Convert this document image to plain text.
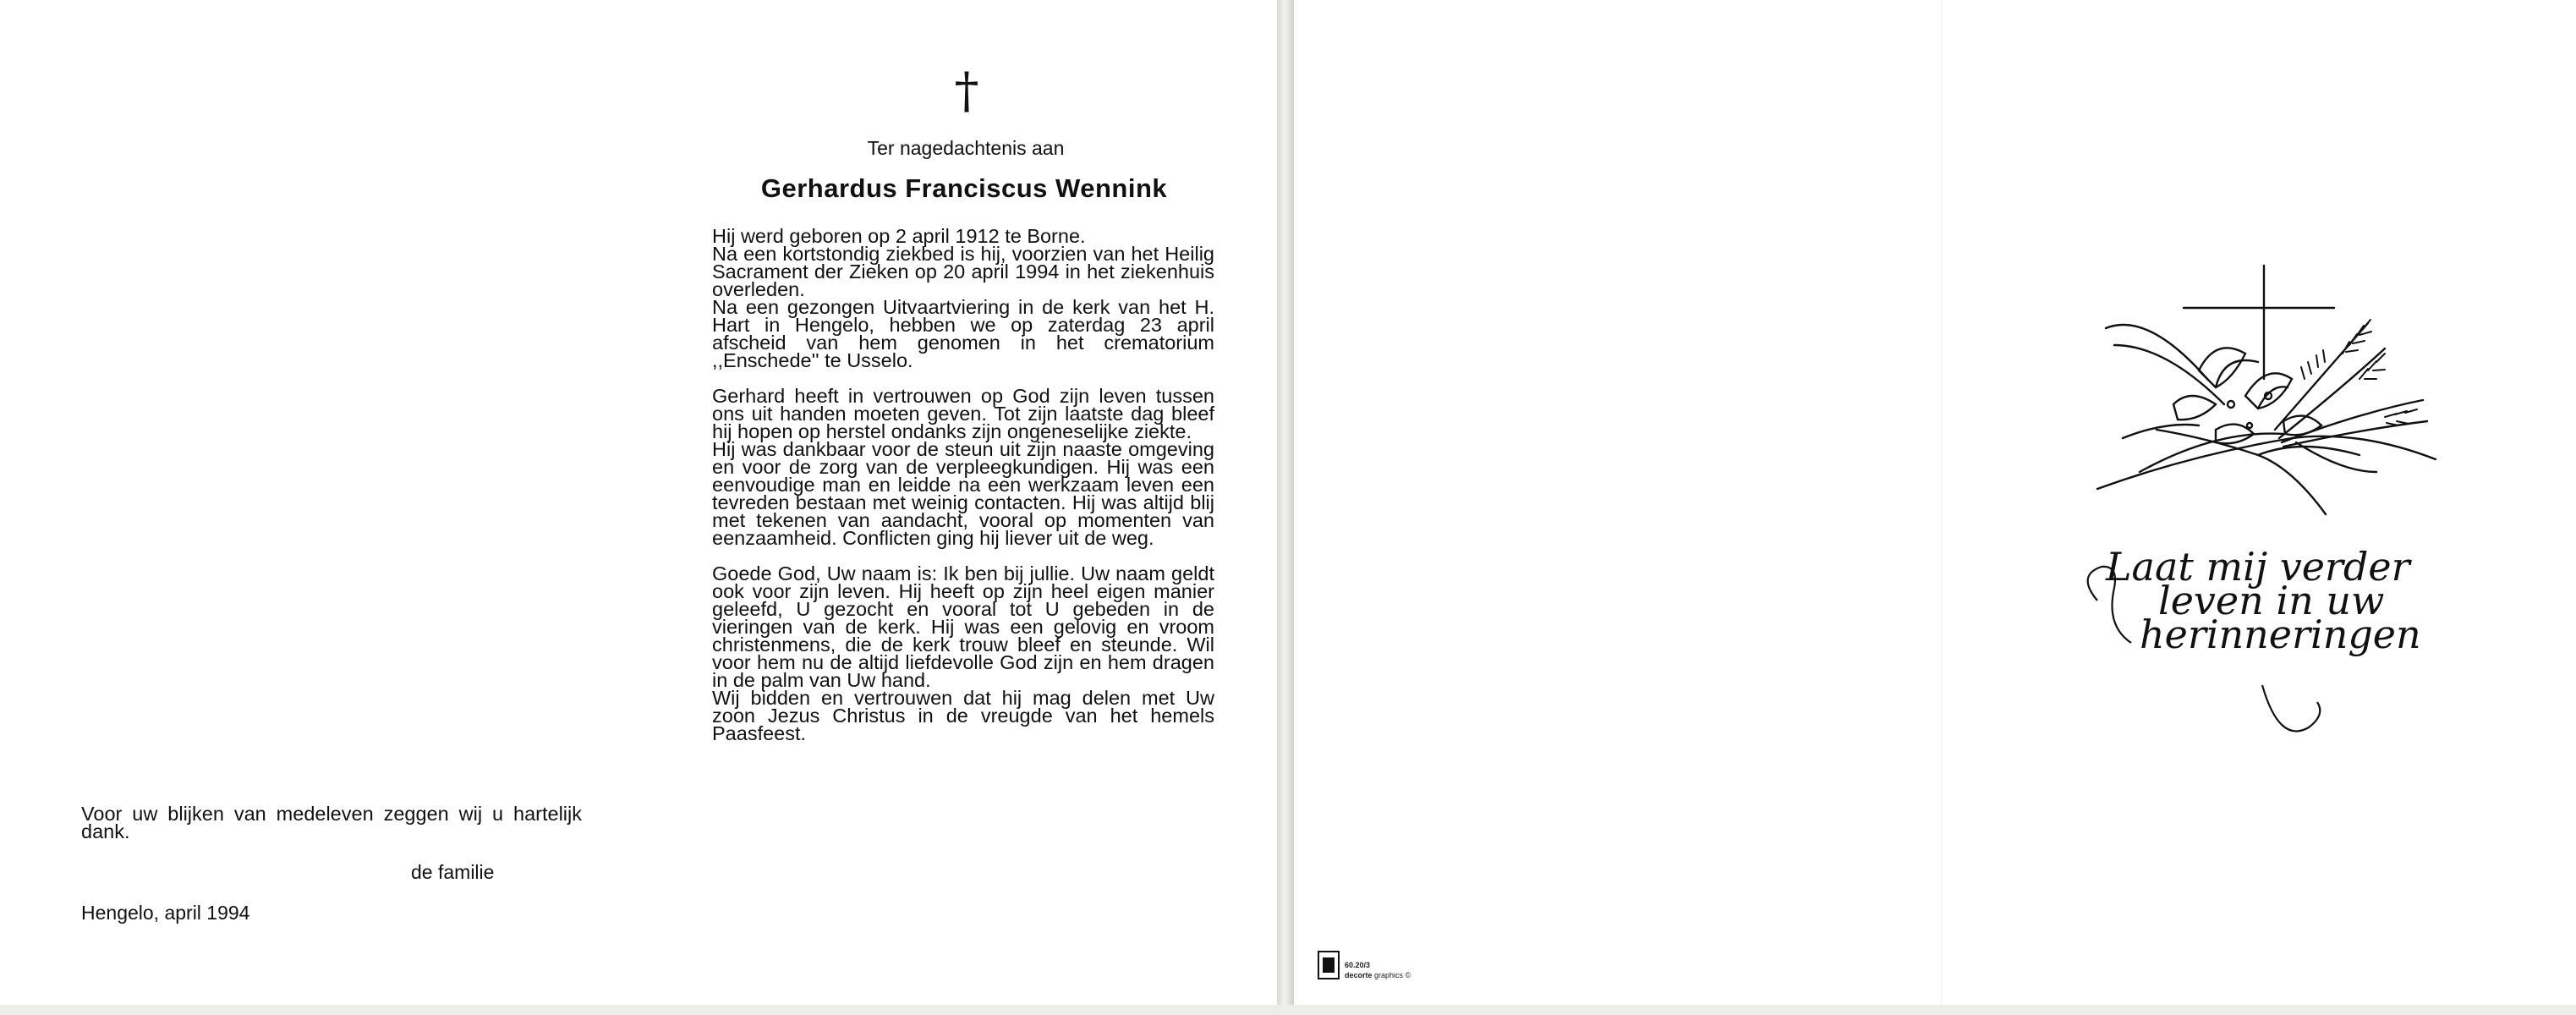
†
Ter nagedachtenis aan
Gerhardus Franciscus Wennink
Hij werd geboren op 2 april 1912 te Borne.
Na een kortstondig ziekbed is hij, voorzien van het Heilig Sacrament der Zieken op 20 april 1994 in het ziekenhuis overleden.
Na een gezongen Uitvaartviering in de kerk van het H. Hart in Hengelo, hebben we op zaterdag 23 april afscheid van hem genomen in het crematorium ,,Enschede'' te Usselo.
Gerhard heeft in vertrouwen op God zijn leven tussen ons uit handen moeten geven. Tot zijn laatste dag bleef hij hopen op herstel ondanks zijn ongeneselijke ziekte.
Hij was dankbaar voor de steun uit zijn naaste omgeving en voor de zorg van de verpleegkundigen. Hij was een eenvoudige man en leidde na een werkzaam leven een tevreden bestaan met weinig contacten. Hij was altijd blij met tekenen van aandacht, vooral op momenten van eenzaamheid. Conflicten ging hij liever uit de weg.
Goede God, Uw naam is: Ik ben bij jullie. Uw naam geldt ook voor zijn leven. Hij heeft op zijn heel eigen manier geleefd, U gezocht en vooral tot U gebeden in de vieringen van de kerk. Hij was een gelovig en vroom christenmens, die de kerk trouw bleef en steunde. Wil voor hem nu de altijd liefdevolle God zijn en hem dragen in de palm van Uw hand.
Wij bidden en vertrouwen dat hij mag delen met Uw zoon Jezus Christus in de vreugde van het hemels Paasfeest.
Voor uw blijken van medeleven zeggen wij u hartelijk dank.
de familie
Hengelo, april 1994
Laat mij verder
leven in uw
herinneringen
60.20/3
decorte graphics ©
